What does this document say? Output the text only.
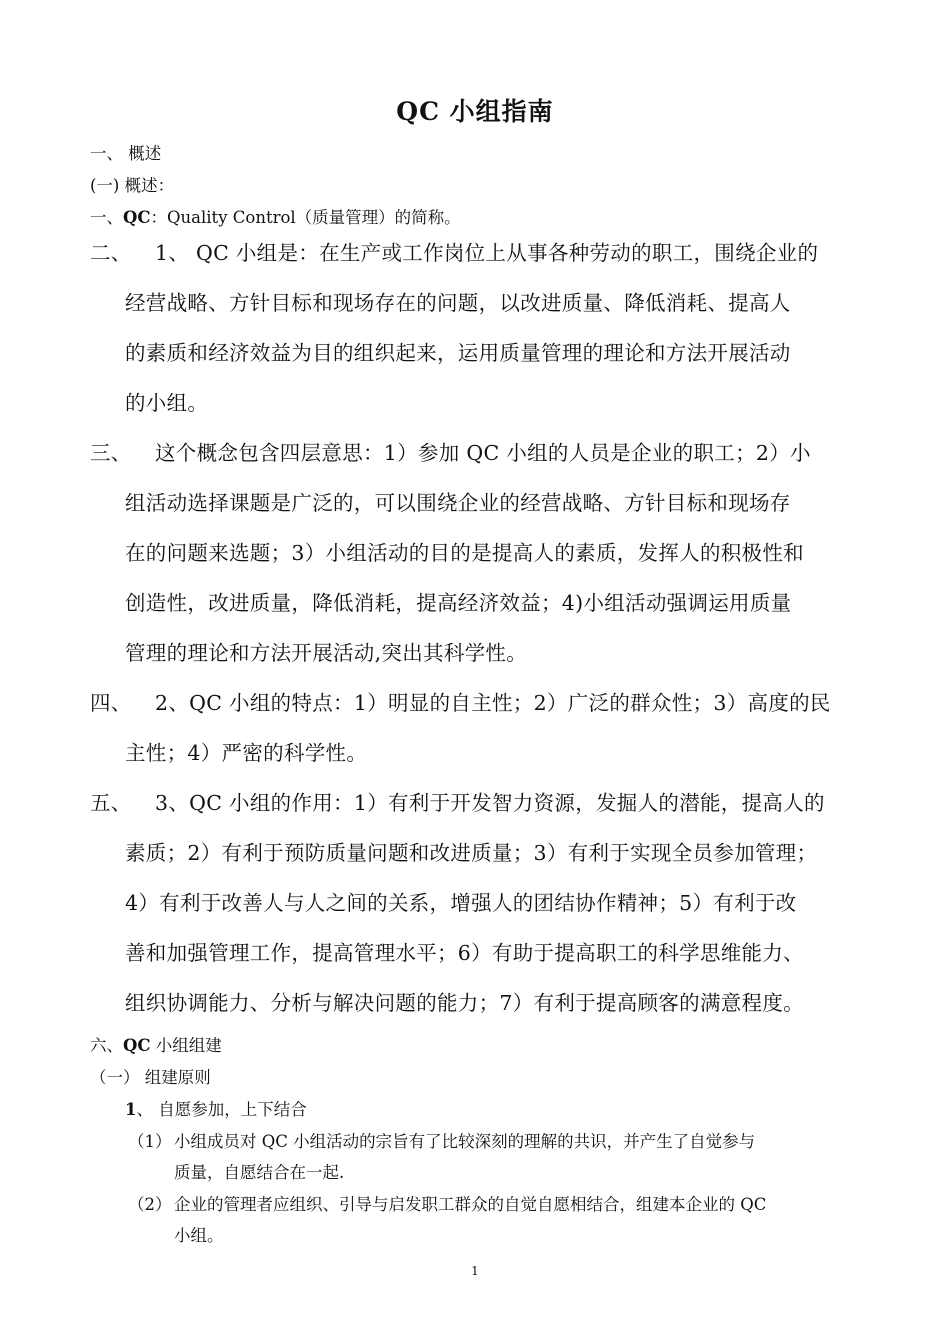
QC 小组指南
一、 概述
(一) 概述：
一、QC：Quality Control（质量管理）的简称。
二、 1、 QC 小组是：在生产或工作岗位上从事各种劳动的职工，围绕企业的
经营战略、方针目标和现场存在的问题，以改进质量、降低消耗、提高人
的素质和经济效益为目的组织起来，运用质量管理的理论和方法开展活动
的小组。
三、 这个概念包含四层意思：1）参加 QC 小组的人员是企业的职工；2）小
组活动选择课题是广泛的，可以围绕企业的经营战略、方针目标和现场存
在的问题来选题；3）小组活动的目的是提高人的素质，发挥人的积极性和
创造性，改进质量，降低消耗，提高经济效益；4)小组活动强调运用质量
管理的理论和方法开展活动,突出其科学性。
四、 2、QC 小组的特点：1）明显的自主性；2）广泛的群众性；3）高度的民
主性；4）严密的科学性。
五、 3、QC 小组的作用：1）有利于开发智力资源，发掘人的潜能，提高人的
素质；2）有利于预防质量问题和改进质量；3）有利于实现全员参加管理；
4）有利于改善人与人之间的关系，增强人的团结协作精神；5）有利于改
善和加强管理工作，提高管理水平；6）有助于提高职工的科学思维能力、
组织协调能力、分析与解决问题的能力；7）有利于提高顾客的满意程度。
六、QC 小组组建
（一） 组建原则
1、 自愿参加，上下结合
（1） 小组成员对 QC 小组活动的宗旨有了比较深刻的理解的共识，并产生了自觉参与
质量，自愿结合在一起.
（2） 企业的管理者应组织、引导与启发职工群众的自觉自愿相结合，组建本企业的 QC
小组。
1
